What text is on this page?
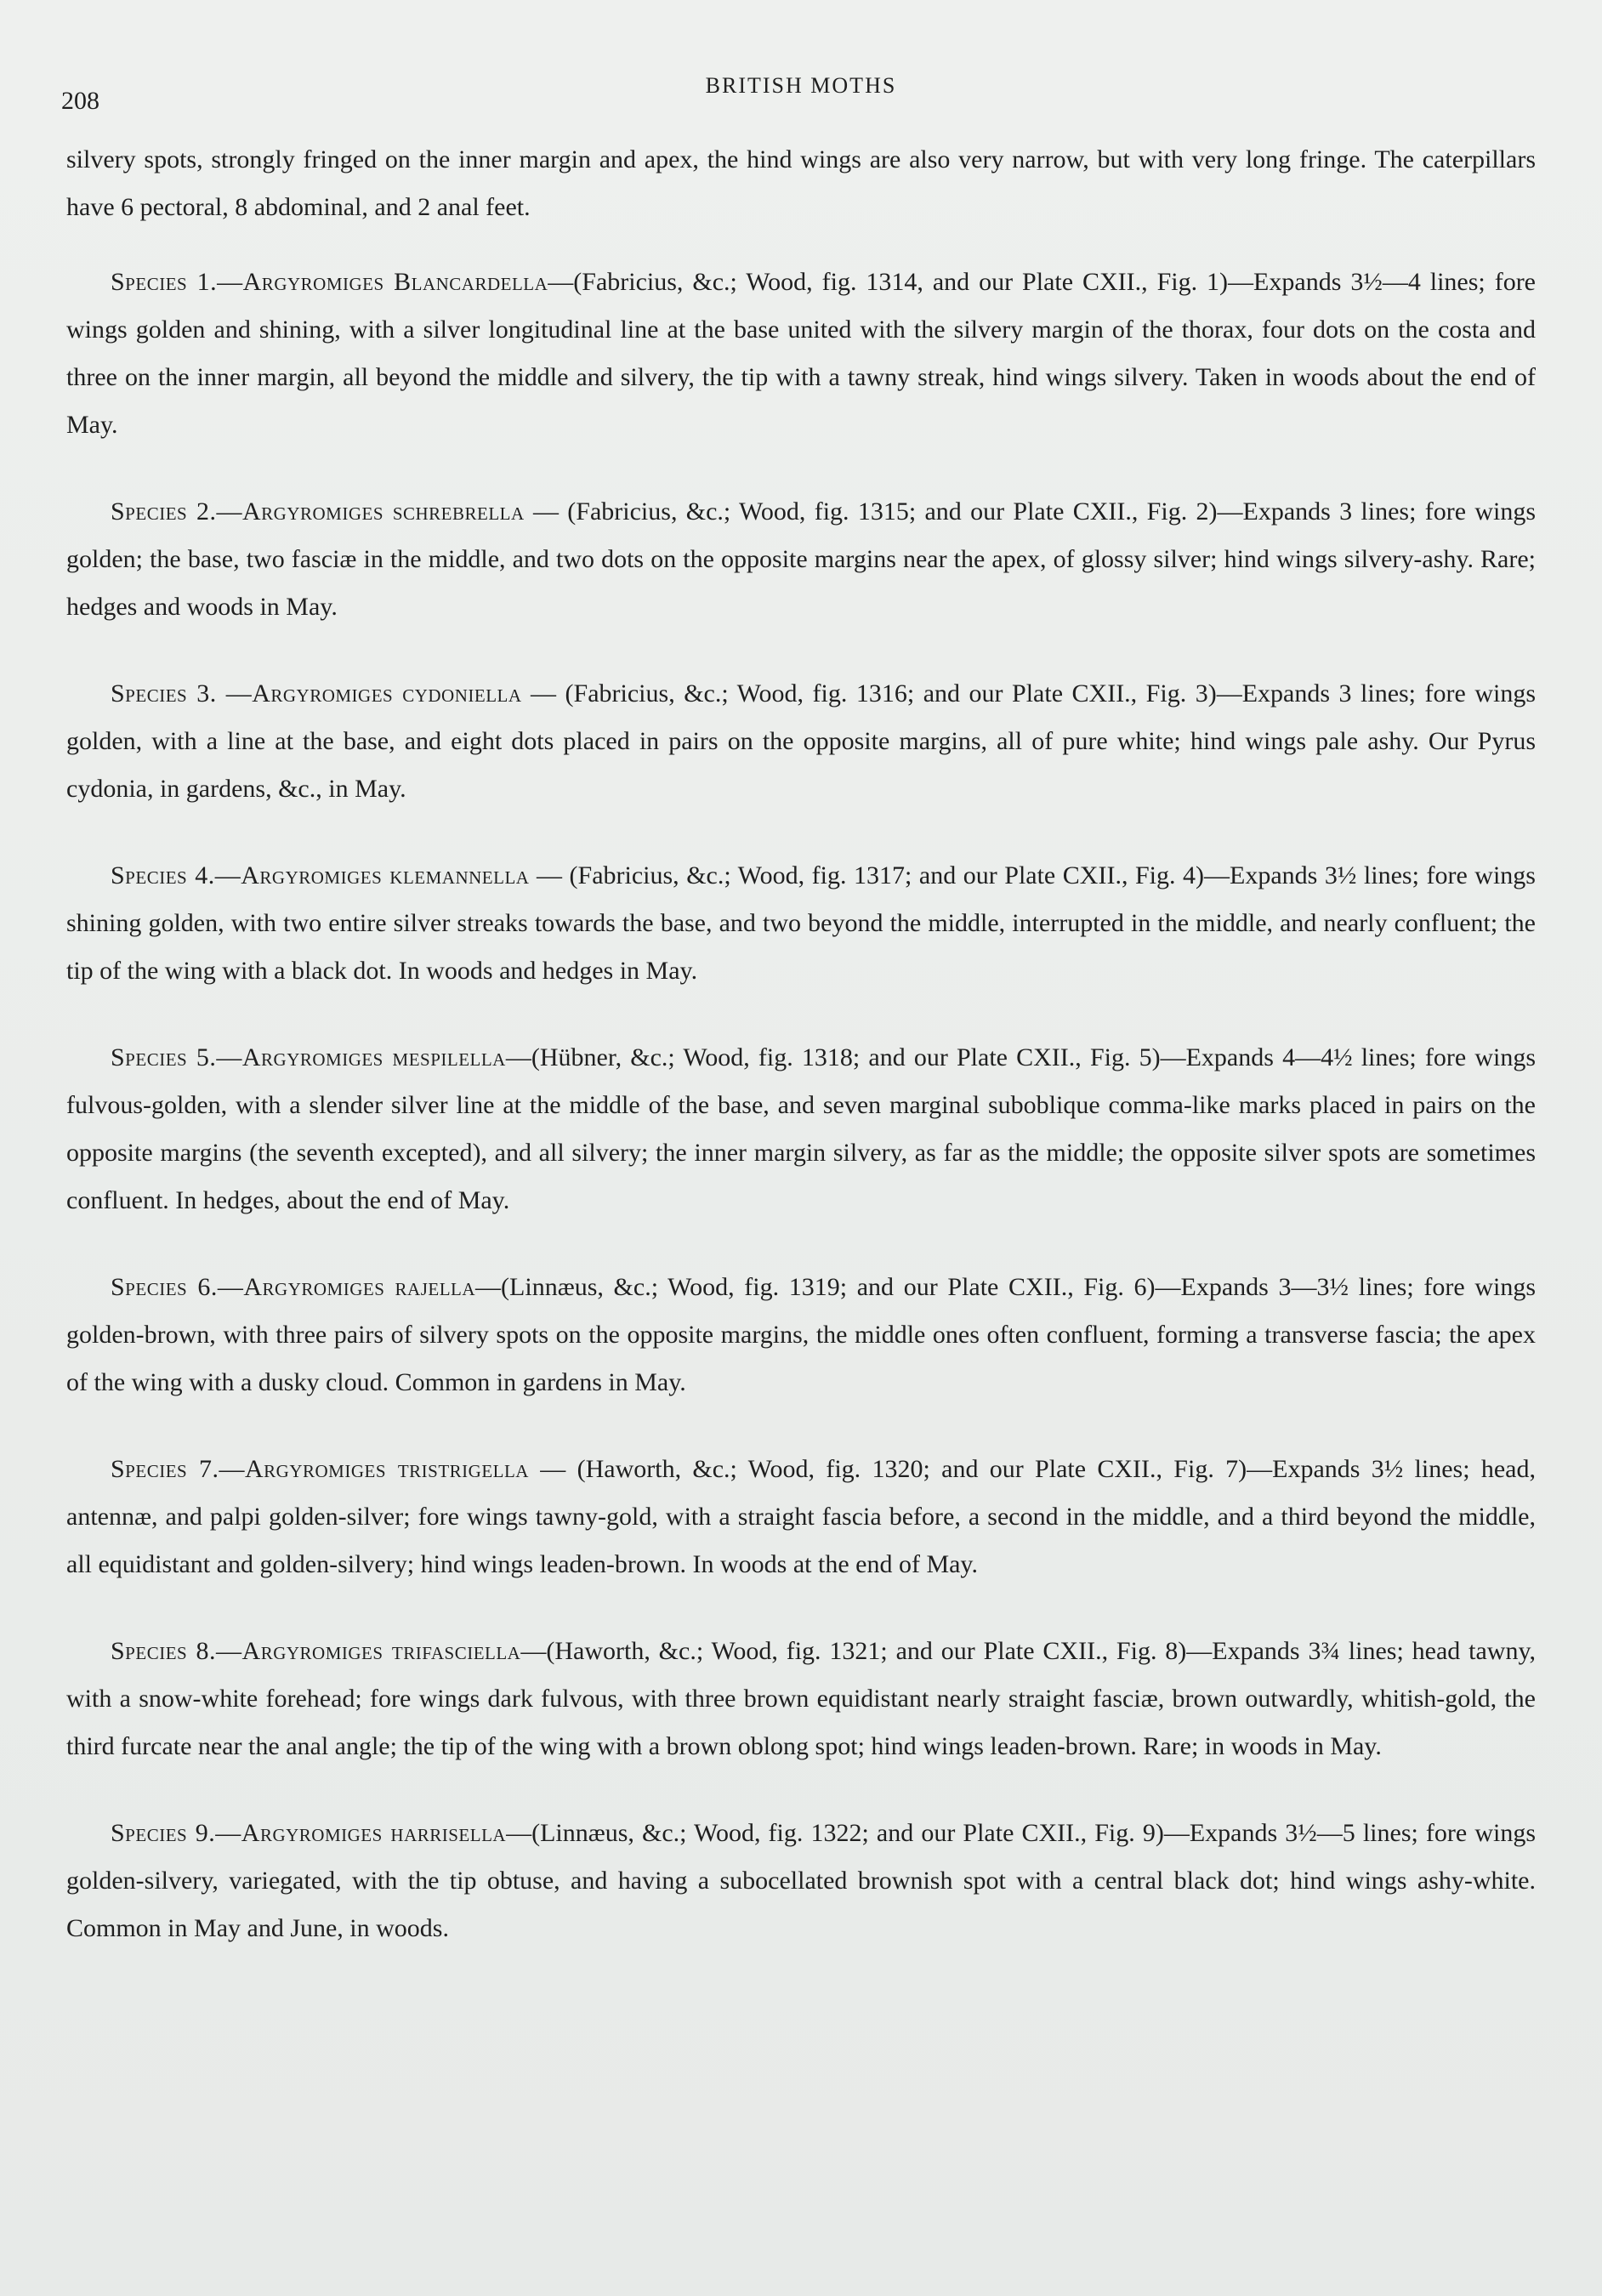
208
BRITISH MOTHS

silvery spots, strongly fringed on the inner margin and apex, the hind wings are also very narrow, but with very long fringe. The caterpillars have 6 pectoral, 8 abdominal, and 2 anal feet.

Species 1.—Argyromiges Blancardella—(Fabricius, &c.; Wood, fig. 1314, and our Plate CXII., Fig. 1)—Expands 3½—4 lines; fore wings golden and shining, with a silver longitudinal line at the base united with the silvery margin of the thorax, four dots on the costa and three on the inner margin, all beyond the middle and silvery, the tip with a tawny streak, hind wings silvery. Taken in woods about the end of May.

Species 2.—Argyromiges schrebrella — (Fabricius, &c.; Wood, fig. 1315; and our Plate CXII., Fig. 2)—Expands 3 lines; fore wings golden; the base, two fasciæ in the middle, and two dots on the opposite margins near the apex, of glossy silver; hind wings silvery-ashy. Rare; hedges and woods in May.

Species 3. —Argyromiges cydoniella — (Fabricius, &c.; Wood, fig. 1316; and our Plate CXII., Fig. 3)—Expands 3 lines; fore wings golden, with a line at the base, and eight dots placed in pairs on the opposite margins, all of pure white; hind wings pale ashy. Our Pyrus cydonia, in gardens, &c., in May.

Species 4.—Argyromiges klemannella — (Fabricius, &c.; Wood, fig. 1317; and our Plate CXII., Fig. 4)—Expands 3½ lines; fore wings shining golden, with two entire silver streaks towards the base, and two beyond the middle, interrupted in the middle, and nearly confluent; the tip of the wing with a black dot. In woods and hedges in May.

Species 5.—Argyromiges mespilella—(Hübner, &c.; Wood, fig. 1318; and our Plate CXII., Fig. 5)—Expands 4—4½ lines; fore wings fulvous-golden, with a slender silver line at the middle of the base, and seven marginal suboblique comma-like marks placed in pairs on the opposite margins (the seventh excepted), and all silvery; the inner margin silvery, as far as the middle; the opposite silver spots are sometimes confluent. In hedges, about the end of May.

Species 6.—Argyromiges rajella—(Linnæus, &c.; Wood, fig. 1319; and our Plate CXII., Fig. 6)—Expands 3—3½ lines; fore wings golden-brown, with three pairs of silvery spots on the opposite margins, the middle ones often confluent, forming a transverse fascia; the apex of the wing with a dusky cloud. Common in gardens in May.

Species 7.—Argyromiges tristrigella — (Haworth, &c.; Wood, fig. 1320; and our Plate CXII., Fig. 7)—Expands 3½ lines; head, antennæ, and palpi golden-silver; fore wings tawny-gold, with a straight fascia before, a second in the middle, and a third beyond the middle, all equidistant and golden-silvery; hind wings leaden-brown. In woods at the end of May.

Species 8.—Argyromiges trifasciella—(Haworth, &c.; Wood, fig. 1321; and our Plate CXII., Fig. 8)—Expands 3¾ lines; head tawny, with a snow-white forehead; fore wings dark fulvous, with three brown equidistant nearly straight fasciæ, brown outwardly, whitish-gold, the third furcate near the anal angle; the tip of the wing with a brown oblong spot; hind wings leaden-brown. Rare; in woods in May.

Species 9.—Argyromiges harrisella—(Linnæus, &c.; Wood, fig. 1322; and our Plate CXII., Fig. 9)—Expands 3½—5 lines; fore wings golden-silvery, variegated, with the tip obtuse, and having a subocellated brownish spot with a central black dot; hind wings ashy-white. Common in May and June, in woods.
